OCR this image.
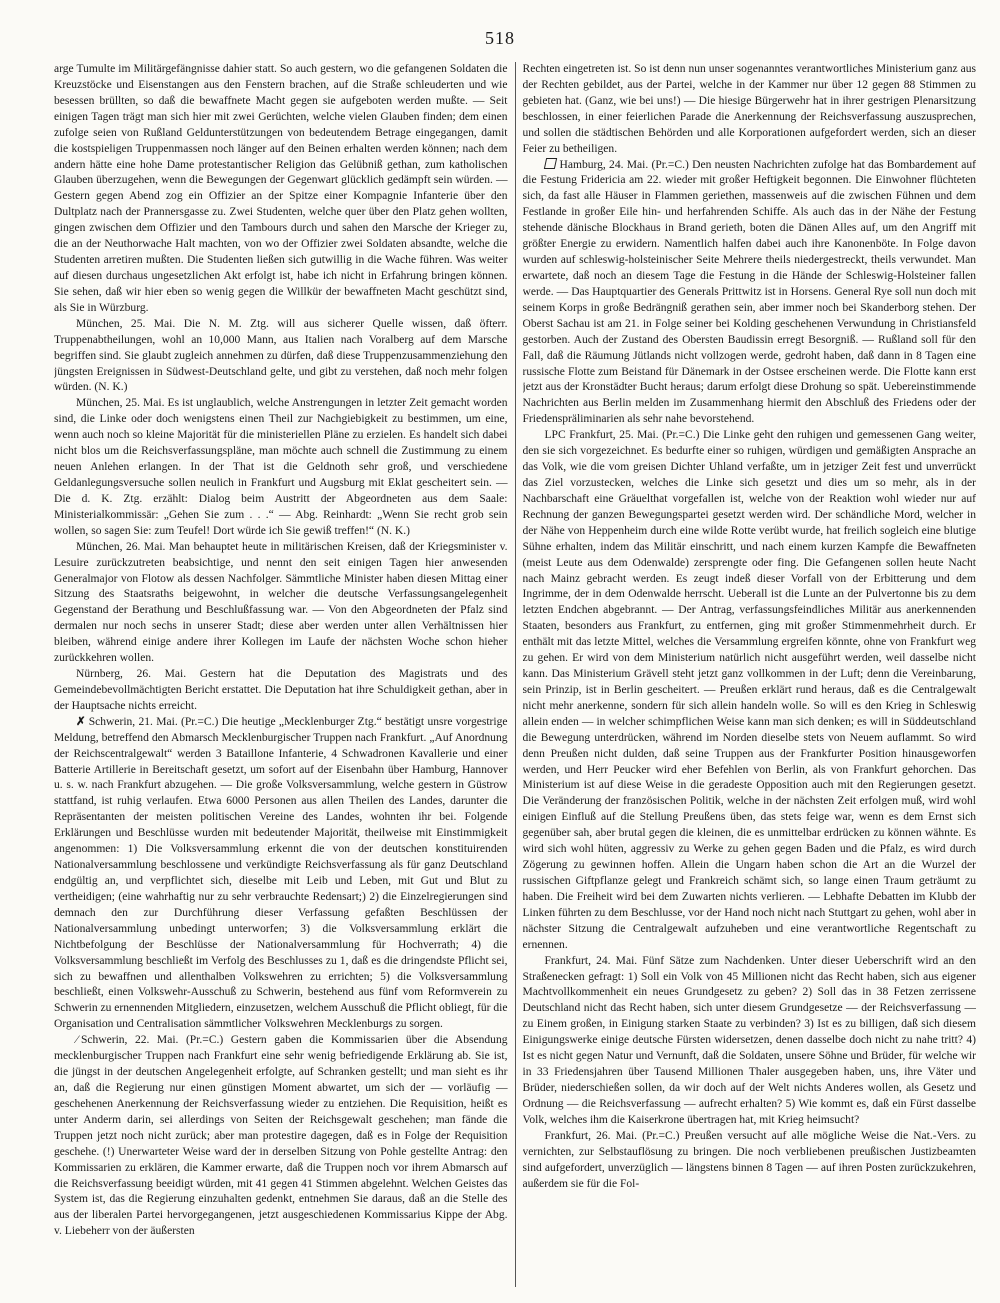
518

arge Tumulte im Militärgefängnisse dahier statt. So auch gestern, wo die gefangenen Soldaten die Kreuzstöcke und Eisenstangen aus den Fenstern brachen, auf die Straße schleuderten und wie besessen brüllten, so daß die bewaffnete Macht gegen sie aufgeboten werden mußte. — Seit einigen Tagen trägt man sich hier mit zwei Gerüchten, welche vielen Glauben finden; dem einen zufolge seien von Rußland Geldunterstützungen von bedeutendem Betrage eingegangen, damit die kostspieligen Truppenmassen noch länger auf den Beinen erhalten werden können; nach dem andern hätte eine hohe Dame protestantischer Religion das Gelübniß gethan, zum katholischen Glauben überzugehen, wenn die Bewegungen der Gegenwart glücklich gedämpft sein würden. — Gestern gegen Abend zog ein Offizier an der Spitze einer Kompagnie Infanterie über den Dultplatz nach der Prannersgasse zu. Zwei Studenten, welche quer über den Platz gehen wollten, gingen zwischen dem Offizier und den Tambours durch und sahen den Marsche der Krieger zu, die an der Neuthorwache Halt machten, von wo der Offizier zwei Soldaten absandte, welche die Studenten arretiren mußten. Die Studenten ließen sich gutwillig in die Wache führen. Was weiter auf diesen durchaus ungesetzlichen Akt erfolgt ist, habe ich nicht in Erfahrung bringen können. Sie sehen, daß wir hier eben so wenig gegen die Willkür der bewaffneten Macht geschützt sind, als Sie in Würzburg.

München, 25. Mai. Die N. M. Ztg. will aus sicherer Quelle wissen, daß öfterr. Truppenabtheilungen, wohl an 10,000 Mann, aus Italien nach Voralberg auf dem Marsche begriffen sind. Sie glaubt zugleich annehmen zu dürfen, daß diese Truppenzusammenziehung den jüngsten Ereignissen in Südwest-Deutschland gelte, und gibt zu verstehen, daß noch mehr folgen würden. (N. K.)

München, 25. Mai. Es ist unglaublich, welche Anstrengungen in letzter Zeit gemacht worden sind, die Linke oder doch wenigstens einen Theil zur Nachgiebigkeit zu bestimmen, um eine, wenn auch noch so kleine Majorität für die ministeriellen Pläne zu erzielen. Es handelt sich dabei nicht blos um die Reichsverfassungspläne, man möchte auch schnell die Zustimmung zu einem neuen Anlehen erlangen. In der That ist die Geldnoth sehr groß, und verschiedene Geldanlegungsversuche sollen neulich in Frankfurt und Augsburg mit Eklat gescheitert sein. — Die d. K. Ztg. erzählt: Dialog beim Austritt der Abgeordneten aus dem Saale: Ministerialkommissär: „Gehen Sie zum . . .“ — Abg. Reinhardt: „Wenn Sie recht grob sein wollen, so sagen Sie: zum Teufel! Dort würde ich Sie gewiß treffen!“ (N. K.)

München, 26. Mai. Man behauptet heute in militärischen Kreisen, daß der Kriegsminister v. Lesuire zurückzutreten beabsichtige, und nennt den seit einigen Tagen hier anwesenden Generalmajor von Flotow als dessen Nachfolger. Sämmtliche Minister haben diesen Mittag einer Sitzung des Staatsraths beigewohnt, in welcher die deutsche Verfassungsangelegenheit Gegenstand der Berathung und Beschlußfassung war. — Von den Abgeordneten der Pfalz sind dermalen nur noch sechs in unserer Stadt; diese aber werden unter allen Verhältnissen hier bleiben, während einige andere ihrer Kollegen im Laufe der nächsten Woche schon hieher zurückkehren wollen.

Nürnberg, 26. Mai. Gestern hat die Deputation des Magistrats und des Gemeindebevollmächtigten Bericht erstattet. Die Deputation hat ihre Schuldigkeit gethan, aber in der Hauptsache nichts erreicht.

✗ Schwerin, 21. Mai. (Pr.=C.) Die heutige „Mecklenburger Ztg.“ bestätigt unsre vorgestrige Meldung, betreffend den Abmarsch Mecklenburgischer Truppen nach Frankfurt. „Auf Anordnung der Reichscentralgewalt“ werden 3 Bataillone Infanterie, 4 Schwadronen Kavallerie und einer Batterie Artillerie in Bereitschaft gesetzt, um sofort auf der Eisenbahn über Hamburg, Hannover u. s. w. nach Frankfurt abzugehen. — Die große Volksversammlung, welche gestern in Güstrow stattfand, ist ruhig verlaufen. Etwa 6000 Personen aus allen Theilen des Landes, darunter die Repräsentanten der meisten politischen Vereine des Landes, wohnten ihr bei. Folgende Erklärungen und Beschlüsse wurden mit bedeutender Majorität, theilweise mit Einstimmigkeit angenommen: 1) Die Volksversammlung erkennt die von der deutschen konstituirenden Nationalversammlung beschlossene und verkündigte Reichsverfassung als für ganz Deutschland endgültig an, und verpflichtet sich, dieselbe mit Leib und Leben, mit Gut und Blut zu vertheidigen; (eine wahrhaftig nur zu sehr verbrauchte Redensart;) 2) die Einzelregierungen sind demnach den zur Durchführung dieser Verfassung gefaßten Beschlüssen der Nationalversammlung unbedingt unterworfen; 3) die Volksversammlung erklärt die Nichtbefolgung der Beschlüsse der Nationalversammlung für Hochverrath; 4) die Volksversammlung beschließt im Verfolg des Beschlusses zu 1, daß es die dringendste Pflicht sei, sich zu bewaffnen und allenthalben Volkswehren zu errichten; 5) die Volksversammlung beschließt, einen Volkswehr-Ausschuß zu Schwerin, bestehend aus fünf vom Reformverein zu Schwerin zu ernennenden Mitgliedern, einzusetzen, welchem Ausschuß die Pflicht obliegt, für die Organisation und Centralisation sämmtlicher Volkswehren Mecklenburgs zu sorgen.

⁄ Schwerin, 22. Mai. (Pr.=C.) Gestern gaben die Kommissarien über die Absendung mecklenburgischer Truppen nach Frankfurt eine sehr wenig befriedigende Erklärung ab. Sie ist, die jüngst in der deutschen Angelegenheit erfolgte, auf Schranken gestellt; und man sieht es ihr an, daß die Regierung nur einen günstigen Moment abwartet, um sich der — vorläufig — geschehenen Anerkennung der Reichsverfassung wieder zu entziehen. Die Requisition, heißt es unter Anderm darin, sei allerdings von Seiten der Reichsgewalt geschehen; man fände die Truppen jetzt noch nicht zurück; aber man protestire dagegen, daß es in Folge der Requisition geschehe. (!) Unerwarteter Weise ward der in derselben Sitzung von Pohle gestellte Antrag: den Kommissarien zu erklären, die Kammer erwarte, daß die Truppen noch vor ihrem Abmarsch auf die Reichsverfassung beeidigt würden, mit 41 gegen 41 Stimmen abgelehnt. Welchen Geistes das System ist, das die Regierung einzuhalten gedenkt, entnehmen Sie daraus, daß an die Stelle des aus der liberalen Partei hervorgegangenen, jetzt ausgeschiedenen Kommissarius Kippe der Abg. v. Liebeherr von der äußersten

Rechten eingetreten ist. So ist denn nun unser sogenanntes verantwortliches Ministerium ganz aus der Rechten gebildet, aus der Partei, welche in der Kammer nur über 12 gegen 88 Stimmen zu gebieten hat. (Ganz, wie bei uns!) — Die hiesige Bürgerwehr hat in ihrer gestrigen Plenarsitzung beschlossen, in einer feierlichen Parade die Anerkennung der Reichsverfassung auszusprechen, und sollen die städtischen Behörden und alle Korporationen aufgefordert werden, sich an dieser Feier zu betheiligen.

Hamburg, 24. Mai. (Pr.=C.) Den neusten Nachrichten zufolge hat das Bombardement auf die Festung Fridericia am 22. wieder mit großer Heftigkeit begonnen. Die Einwohner flüchteten sich, da fast alle Häuser in Flammen geriethen, massenweis auf die zwischen Fühnen und dem Festlande in großer Eile hin- und herfahrenden Schiffe. Als auch das in der Nähe der Festung stehende dänische Blockhaus in Brand gerieth, boten die Dänen Alles auf, um den Angriff mit größter Energie zu erwidern. Namentlich halfen dabei auch ihre Kanonenböte. In Folge davon wurden auf schleswig-holsteinischer Seite Mehrere theils niedergestreckt, theils verwundet. Man erwartete, daß noch an diesem Tage die Festung in die Hände der Schleswig-Holsteiner fallen werde. — Das Hauptquartier des Generals Prittwitz ist in Horsens. General Rye soll nun doch mit seinem Korps in große Bedrängniß gerathen sein, aber immer noch bei Skanderborg stehen. Der Oberst Sachau ist am 21. in Folge seiner bei Kolding geschehenen Verwundung in Christiansfeld gestorben. Auch der Zustand des Obersten Baudissin erregt Besorgniß. — Rußland soll für den Fall, daß die Räumung Jütlands nicht vollzogen werde, gedroht haben, daß dann in 8 Tagen eine russische Flotte zum Beistand für Dänemark in der Ostsee erscheinen werde. Die Flotte kann erst jetzt aus der Kronstädter Bucht heraus; darum erfolgt diese Drohung so spät. Uebereinstimmende Nachrichten aus Berlin melden im Zusammenhang hiermit den Abschluß des Friedens oder der Friedenspräliminarien als sehr nahe bevorstehend.

LPC Frankfurt, 25. Mai. (Pr.=C.) Die Linke geht den ruhigen und gemessenen Gang weiter, den sie sich vorgezeichnet. Es bedurfte einer so ruhigen, würdigen und gemäßigten Ansprache an das Volk, wie die vom greisen Dichter Uhland verfaßte, um in jetziger Zeit fest und unverrückt das Ziel vorzustecken, welches die Linke sich gesetzt und dies um so mehr, als in der Nachbarschaft eine Gräuelthat vorgefallen ist, welche von der Reaktion wohl wieder nur auf Rechnung der ganzen Bewegungspartei gesetzt werden wird. Der schändliche Mord, welcher in der Nähe von Heppenheim durch eine wilde Rotte verübt wurde, hat freilich sogleich eine blutige Sühne erhalten, indem das Militär einschritt, und nach einem kurzen Kampfe die Bewaffneten (meist Leute aus dem Odenwalde) zersprengte oder fing. Die Gefangenen sollen heute Nacht nach Mainz gebracht werden. Es zeugt indeß dieser Vorfall von der Erbitterung und dem Ingrimme, der in dem Odenwalde herrscht. Ueberall ist die Lunte an der Pulvertonne bis zu dem letzten Endchen abgebrannt. — Der Antrag, verfassungsfeindliches Militär aus anerkennenden Staaten, besonders aus Frankfurt, zu entfernen, ging mit großer Stimmenmehrheit durch. Er enthält mit das letzte Mittel, welches die Versammlung ergreifen könnte, ohne von Frankfurt weg zu gehen. Er wird von dem Ministerium natürlich nicht ausgeführt werden, weil dasselbe nicht kann. Das Ministerium Grävell steht jetzt ganz vollkommen in der Luft; denn die Vereinbarung, sein Prinzip, ist in Berlin gescheitert. — Preußen erklärt rund heraus, daß es die Centralgewalt nicht mehr anerkenne, sondern für sich allein handeln wolle. So will es den Krieg in Schleswig allein enden — in welcher schimpflichen Weise kann man sich denken; es will in Süddeutschland die Bewegung unterdrücken, während im Norden dieselbe stets von Neuem auflammt. So wird denn Preußen nicht dulden, daß seine Truppen aus der Frankfurter Position hinausgeworfen werden, und Herr Peucker wird eher Befehlen von Berlin, als von Frankfurt gehorchen. Das Ministerium ist auf diese Weise in die geradeste Opposition auch mit den Regierungen gesetzt. Die Veränderung der französischen Politik, welche in der nächsten Zeit erfolgen muß, wird wohl einigen Einfluß auf die Stellung Preußens üben, das stets feige war, wenn es dem Ernst sich gegenüber sah, aber brutal gegen die kleinen, die es unmittelbar erdrücken zu können wähnte. Es wird sich wohl hüten, aggressiv zu Werke zu gehen gegen Baden und die Pfalz, es wird durch Zögerung zu gewinnen hoffen. Allein die Ungarn haben schon die Art an die Wurzel der russischen Giftpflanze gelegt und Frankreich schämt sich, so lange einen Traum geträumt zu haben. Die Freiheit wird bei dem Zuwarten nichts verlieren. — Lebhafte Debatten im Klubb der Linken führten zu dem Beschlusse, vor der Hand noch nicht nach Stuttgart zu gehen, wohl aber in nächster Sitzung die Centralgewalt aufzuheben und eine verantwortliche Regentschaft zu ernennen.

Frankfurt, 24. Mai. Fünf Sätze zum Nachdenken. Unter dieser Ueberschrift wird an den Straßenecken gefragt: 1) Soll ein Volk von 45 Millionen nicht das Recht haben, sich aus eigener Machtvollkommenheit ein neues Grundgesetz zu geben? 2) Soll das in 38 Fetzen zerrissene Deutschland nicht das Recht haben, sich unter diesem Grundgesetze — der Reichsverfassung — zu Einem großen, in Einigung starken Staate zu verbinden? 3) Ist es zu billigen, daß sich diesem Einigungswerke einige deutsche Fürsten widersetzen, denen dasselbe doch nicht zu nahe tritt? 4) Ist es nicht gegen Natur und Vernunft, daß die Soldaten, unsere Söhne und Brüder, für welche wir in 33 Friedensjahren über Tausend Millionen Thaler ausgegeben haben, uns, ihre Väter und Brüder, niederschießen sollen, da wir doch auf der Welt nichts Anderes wollen, als Gesetz und Ordnung — die Reichsverfassung — aufrecht erhalten? 5) Wie kommt es, daß ein Fürst dasselbe Volk, welches ihm die Kaiserkrone übertragen hat, mit Krieg heimsucht?

Frankfurt, 26. Mai. (Pr.=C.) Preußen versucht auf alle mögliche Weise die Nat.-Vers. zu vernichten, zur Selbstauflösung zu bringen. Die noch verbliebenen preußischen Justizbeamten sind aufgefordert, unverzüglich — längstens binnen 8 Tagen — auf ihren Posten zurückzukehren, außerdem sie für die Fol-
